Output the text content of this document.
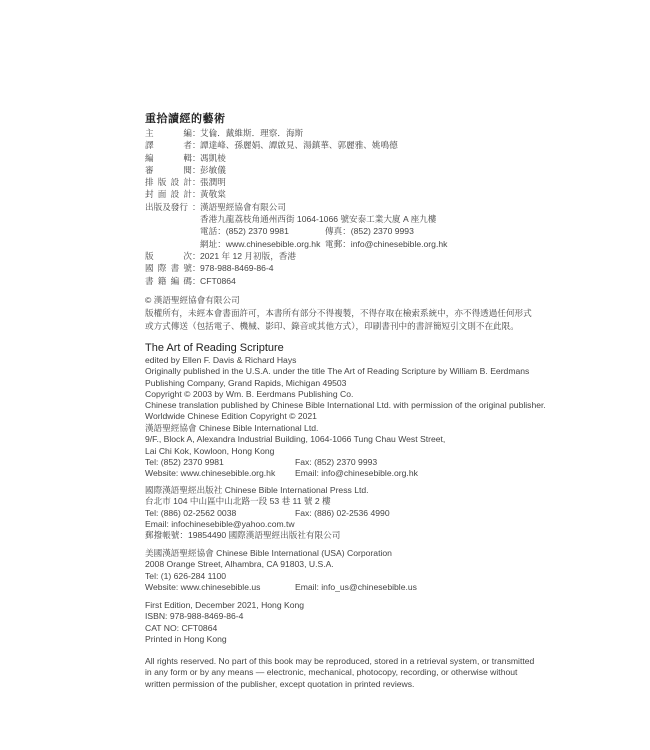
重拾讀經的藝術
主	編 ： 艾倫．戴維斯．理察．海斯
譯	者 ： 譚達峰、孫麗娟、譚啟見、湯鎮華、郭麗雅、姚鳴德
編	輯 ： 馮凱棱
審	閱 ： 彭敏儀
排 版 設 計 ： 張潤明
封 面 設 計 ： 黃敬棠
出版及發行 ： 漢語聖經協會有限公司
香港九龍荔枝角通州西街 1064-1066 號安泰工業大廈 A 座九樓
電話：(852) 2370 9981	傳真：(852) 2370 9993
網址：www.chinesebible.org.hk 電郵：info@chinesebible.org.hk
版	次 ： 2021 年 12 月初版，香港
國 際 書 號 ： 978-988-8469-86-4
書 籍 編 碼 ： CFT0864
© 漢語聖經協會有限公司
版權所有，未經本會書面許可，本書所有部分不得複製，不得存取在檢索系統中，亦不得透過任何形式
或方式傳送（包括電子、機械、影印、錄音或其他方式），印刷書刊中的書評簡短引文則不在此限。
The Art of Reading Scripture
edited by Ellen F. Davis & Richard Hays
Originally published in the U.S.A. under the title The Art of Reading Scripture by William B. Eerdmans
Publishing Company, Grand Rapids, Michigan 49503
Copyright © 2003 by Wm. B. Eerdmans Publishing Co.
Chinese translation published by Chinese Bible International Ltd. with permission of the original publisher.
Worldwide Chinese Edition Copyright © 2021
漢語聖經協會 Chinese Bible International Ltd.
9/F., Block A, Alexandra Industrial Building, 1064-1066 Tung Chau West Street,
Lai Chi Kok, Kowloon, Hong Kong
Tel: (852) 2370 9981	Fax: (852) 2370 9993
Website: www.chinesebible.org.hk Email: info@chinesebible.org.hk
國際漢語聖經出版社 Chinese Bible International Press Ltd.
台北市 104 中山區中山北路一段 53 巷 11 號 2 樓
Tel: (886) 02-2562 0038	Fax: (886) 02-2536 4990
Email: infochinesebible@yahoo.com.tw
郵撥帳號：19854490 國際漢語聖經出版社有限公司
美國漢語聖經協會 Chinese Bible International (USA) Corporation
2008 Orange Street, Alhambra, CA 91803, U.S.A.
Tel: (1) 626-284 1100
Website: www.chinesebible.us	Email: info_us@chinesebible.us
First Edition, December 2021, Hong Kong
ISBN: 978-988-8469-86-4
CAT NO: CFT0864
Printed in Hong Kong
All rights reserved. No part of this book may be reproduced, stored in a retrieval system, or transmitted
in any form or by any means — electronic, mechanical, photocopy, recording, or otherwise without
written permission of the publisher, except quotation in printed reviews.
